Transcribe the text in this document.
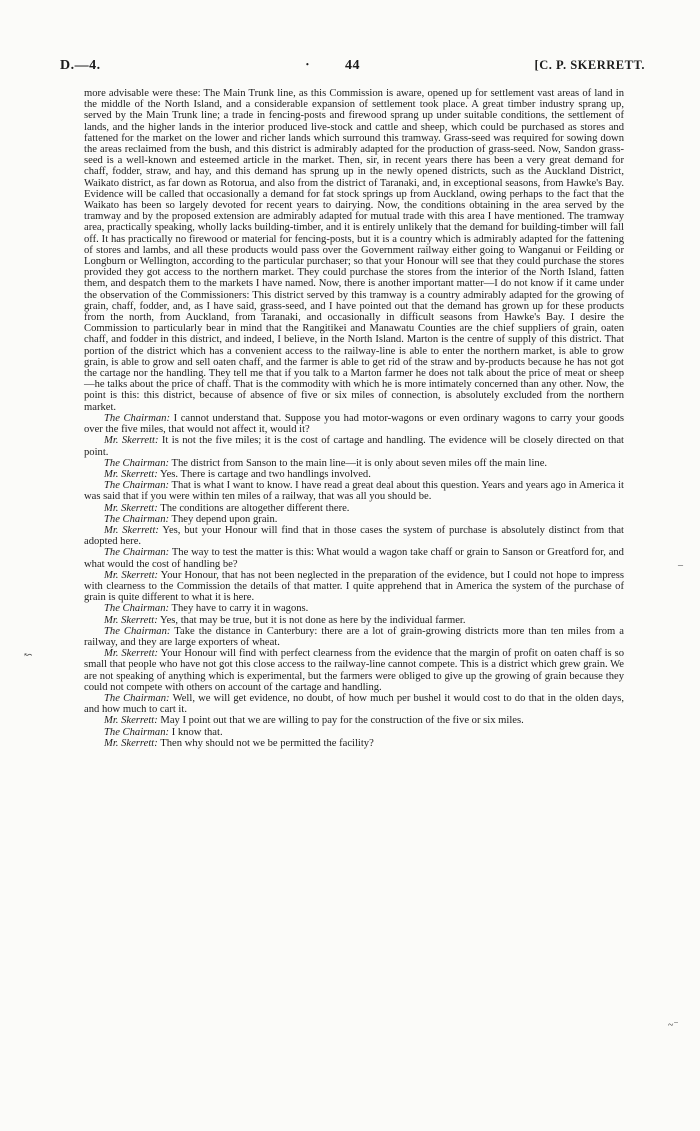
D.—4.	•	44	[C. P. SKERRETT.

more advisable were these: The Main Trunk line, as this Commission is aware, opened up for settlement vast areas of land in the middle of the North Island, and a considerable expansion of settlement took place. A great timber industry sprang up, served by the Main Trunk line; a trade in fencing-posts and firewood sprang up under suitable conditions, the settlement of lands, and the higher lands in the interior produced live-stock and cattle and sheep, which could be purchased as stores and fattened for the market on the lower and richer lands which surround this tramway. Grass-seed was required for sowing down the areas reclaimed from the bush, and this district is admirably adapted for the production of grass-seed. Now, Sandon grass-seed is a well-known and esteemed article in the market. Then, sir, in recent years there has been a very great demand for chaff, fodder, straw, and hay, and this demand has sprung up in the newly opened districts, such as the Auckland District, Waikato district, as far down as Rotorua, and also from the district of Taranaki, and, in exceptional seasons, from Hawke's Bay. Evidence will be called that occasionally a demand for fat stock springs up from Auckland, owing perhaps to the fact that the Waikato has been so largely devoted for recent years to dairying. Now, the conditions obtaining in the area served by the tramway and by the proposed extension are admirably adapted for mutual trade with this area I have mentioned. The tramway area, practically speaking, wholly lacks building-timber, and it is entirely unlikely that the demand for building-timber will fall off. It has practically no firewood or material for fencing-posts, but it is a country which is admirably adapted for the fattening of stores and lambs, and all these products would pass over the Government railway either going to Wanganui or Feilding or Longburn or Wellington, according to the particular purchaser; so that your Honour will see that they could purchase the stores provided they got access to the northern market. They could purchase the stores from the interior of the North Island, fatten them, and despatch them to the markets I have named. Now, there is another important matter—I do not know if it came under the observation of the Commissioners: This district served by this tramway is a country admirably adapted for the growing of grain, chaff, fodder, and, as I have said, grass-seed, and I have pointed out that the demand has grown up for these products from the north, from Auckland, from Taranaki, and occasionally in difficult seasons from Hawke's Bay. I desire the Commission to particularly bear in mind that the Rangitikei and Manawatu Counties are the chief suppliers of grain, oaten chaff, and fodder in this district, and indeed, I believe, in the North Island. Marton is the centre of supply of this district. That portion of the district which has a convenient access to the railway-line is able to enter the northern market, is able to grow grain, is able to grow and sell oaten chaff, and the farmer is able to get rid of the straw and by-products because he has not got the cartage nor the handling. They tell me that if you talk to a Marton farmer he does not talk about the price of meat or sheep—he talks about the price of chaff. That is the commodity with which he is more intimately concerned than any other. Now, the point is this: this district, because of absence of five or six miles of connection, is absolutely excluded from the northern market.

The Chairman: I cannot understand that. Suppose you had motor-wagons or even ordinary wagons to carry your goods over the five miles, that would not affect it, would it?

Mr. Skerrett: It is not the five miles; it is the cost of cartage and handling. The evidence will be closely directed on that point.

The Chairman: The district from Sanson to the main line—it is only about seven miles off the main line.

Mr. Skerrett: Yes. There is cartage and two handlings involved.

The Chairman: That is what I want to know. I have read a great deal about this question. Years and years ago in America it was said that if you were within ten miles of a railway, that was all you should be.

Mr. Skerrett: The conditions are altogether different there.

The Chairman: They depend upon grain.

Mr. Skerrett: Yes, but your Honour will find that in those cases the system of purchase is absolutely distinct from that adopted here.

The Chairman: The way to test the matter is this: What would a wagon take chaff or grain to Sanson or Greatford for, and what would the cost of handling be?

Mr. Skerrett: Your Honour, that has not been neglected in the preparation of the evidence, but I could not hope to impress with clearness to the Commission the details of that matter. I quite apprehend that in America the system of the purchase of grain is quite different to what it is here.

The Chairman: They have to carry it in wagons.

Mr. Skerrett: Yes, that may be true, but it is not done as here by the individual farmer.

The Chairman: Take the distance in Canterbury: there are a lot of grain-growing districts more than ten miles from a railway, and they are large exporters of wheat.

Mr. Skerrett: Your Honour will find with perfect clearness from the evidence that the margin of profit on oaten chaff is so small that people who have not got this close access to the railway-line cannot compete. This is a district which grew grain. We are not speaking of anything which is experimental, but the farmers were obliged to give up the growing of grain because they could not compete with others on account of the cartage and handling.

The Chairman: Well, we will get evidence, no doubt, of how much per bushel it would cost to do that in the olden days, and how much to cart it.

Mr. Skerrett: May I point out that we are willing to pay for the construction of the five or six miles.

The Chairman: I know that.

Mr. Skerrett: Then why should not we be permitted the facility?

–
↜
~⁻
